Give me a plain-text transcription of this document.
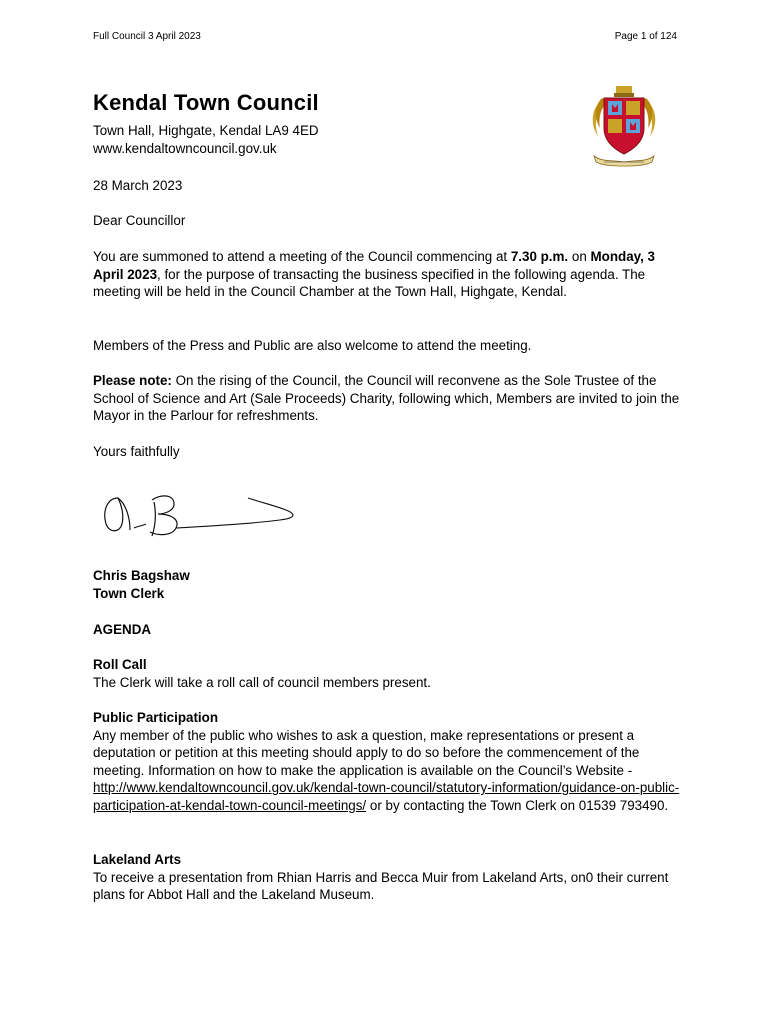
Full Council 3 April 2023	Page 1 of 124
Kendal Town Council

Town Hall, Highgate, Kendal LA9 4ED

www.kendaltowncouncil.gov.uk

28 March 2023
Dear Councillor
You are summoned to attend a meeting of the Council commencing at 7.30 p.m. on Monday, 3 April 2023, for the purpose of transacting the business specified in the following agenda. The meeting will be held in the Council Chamber at the Town Hall, Highgate, Kendal.
Members of the Press and Public are also welcome to attend the meeting.
Please note: On the rising of the Council, the Council will reconvene as the Sole Trustee of the School of Science and Art (Sale Proceeds) Charity, following which, Members are invited to join the Mayor in the Parlour for refreshments.
Yours faithfully

Chris Bagshaw

Town Clerk

AGENDA

Roll Call

The Clerk will take a roll call of council members present.

Public Participation

Any member of the public who wishes to ask a question, make representations or present a deputation or petition at this meeting should apply to do so before the commencement of the meeting. Information on how to make the application is available on the Council’s Website - http://www.kendaltowncouncil.gov.uk/kendal-town-council/statutory-information/guidance-on-public-participation-at-kendal-town-council-meetings/ or by contacting the Town Clerk on 01539 793490.

Lakeland Arts

To receive a presentation from Rhian Harris and Becca Muir from Lakeland Arts, on0 their current plans for Abbot Hall and the Lakeland Museum.
